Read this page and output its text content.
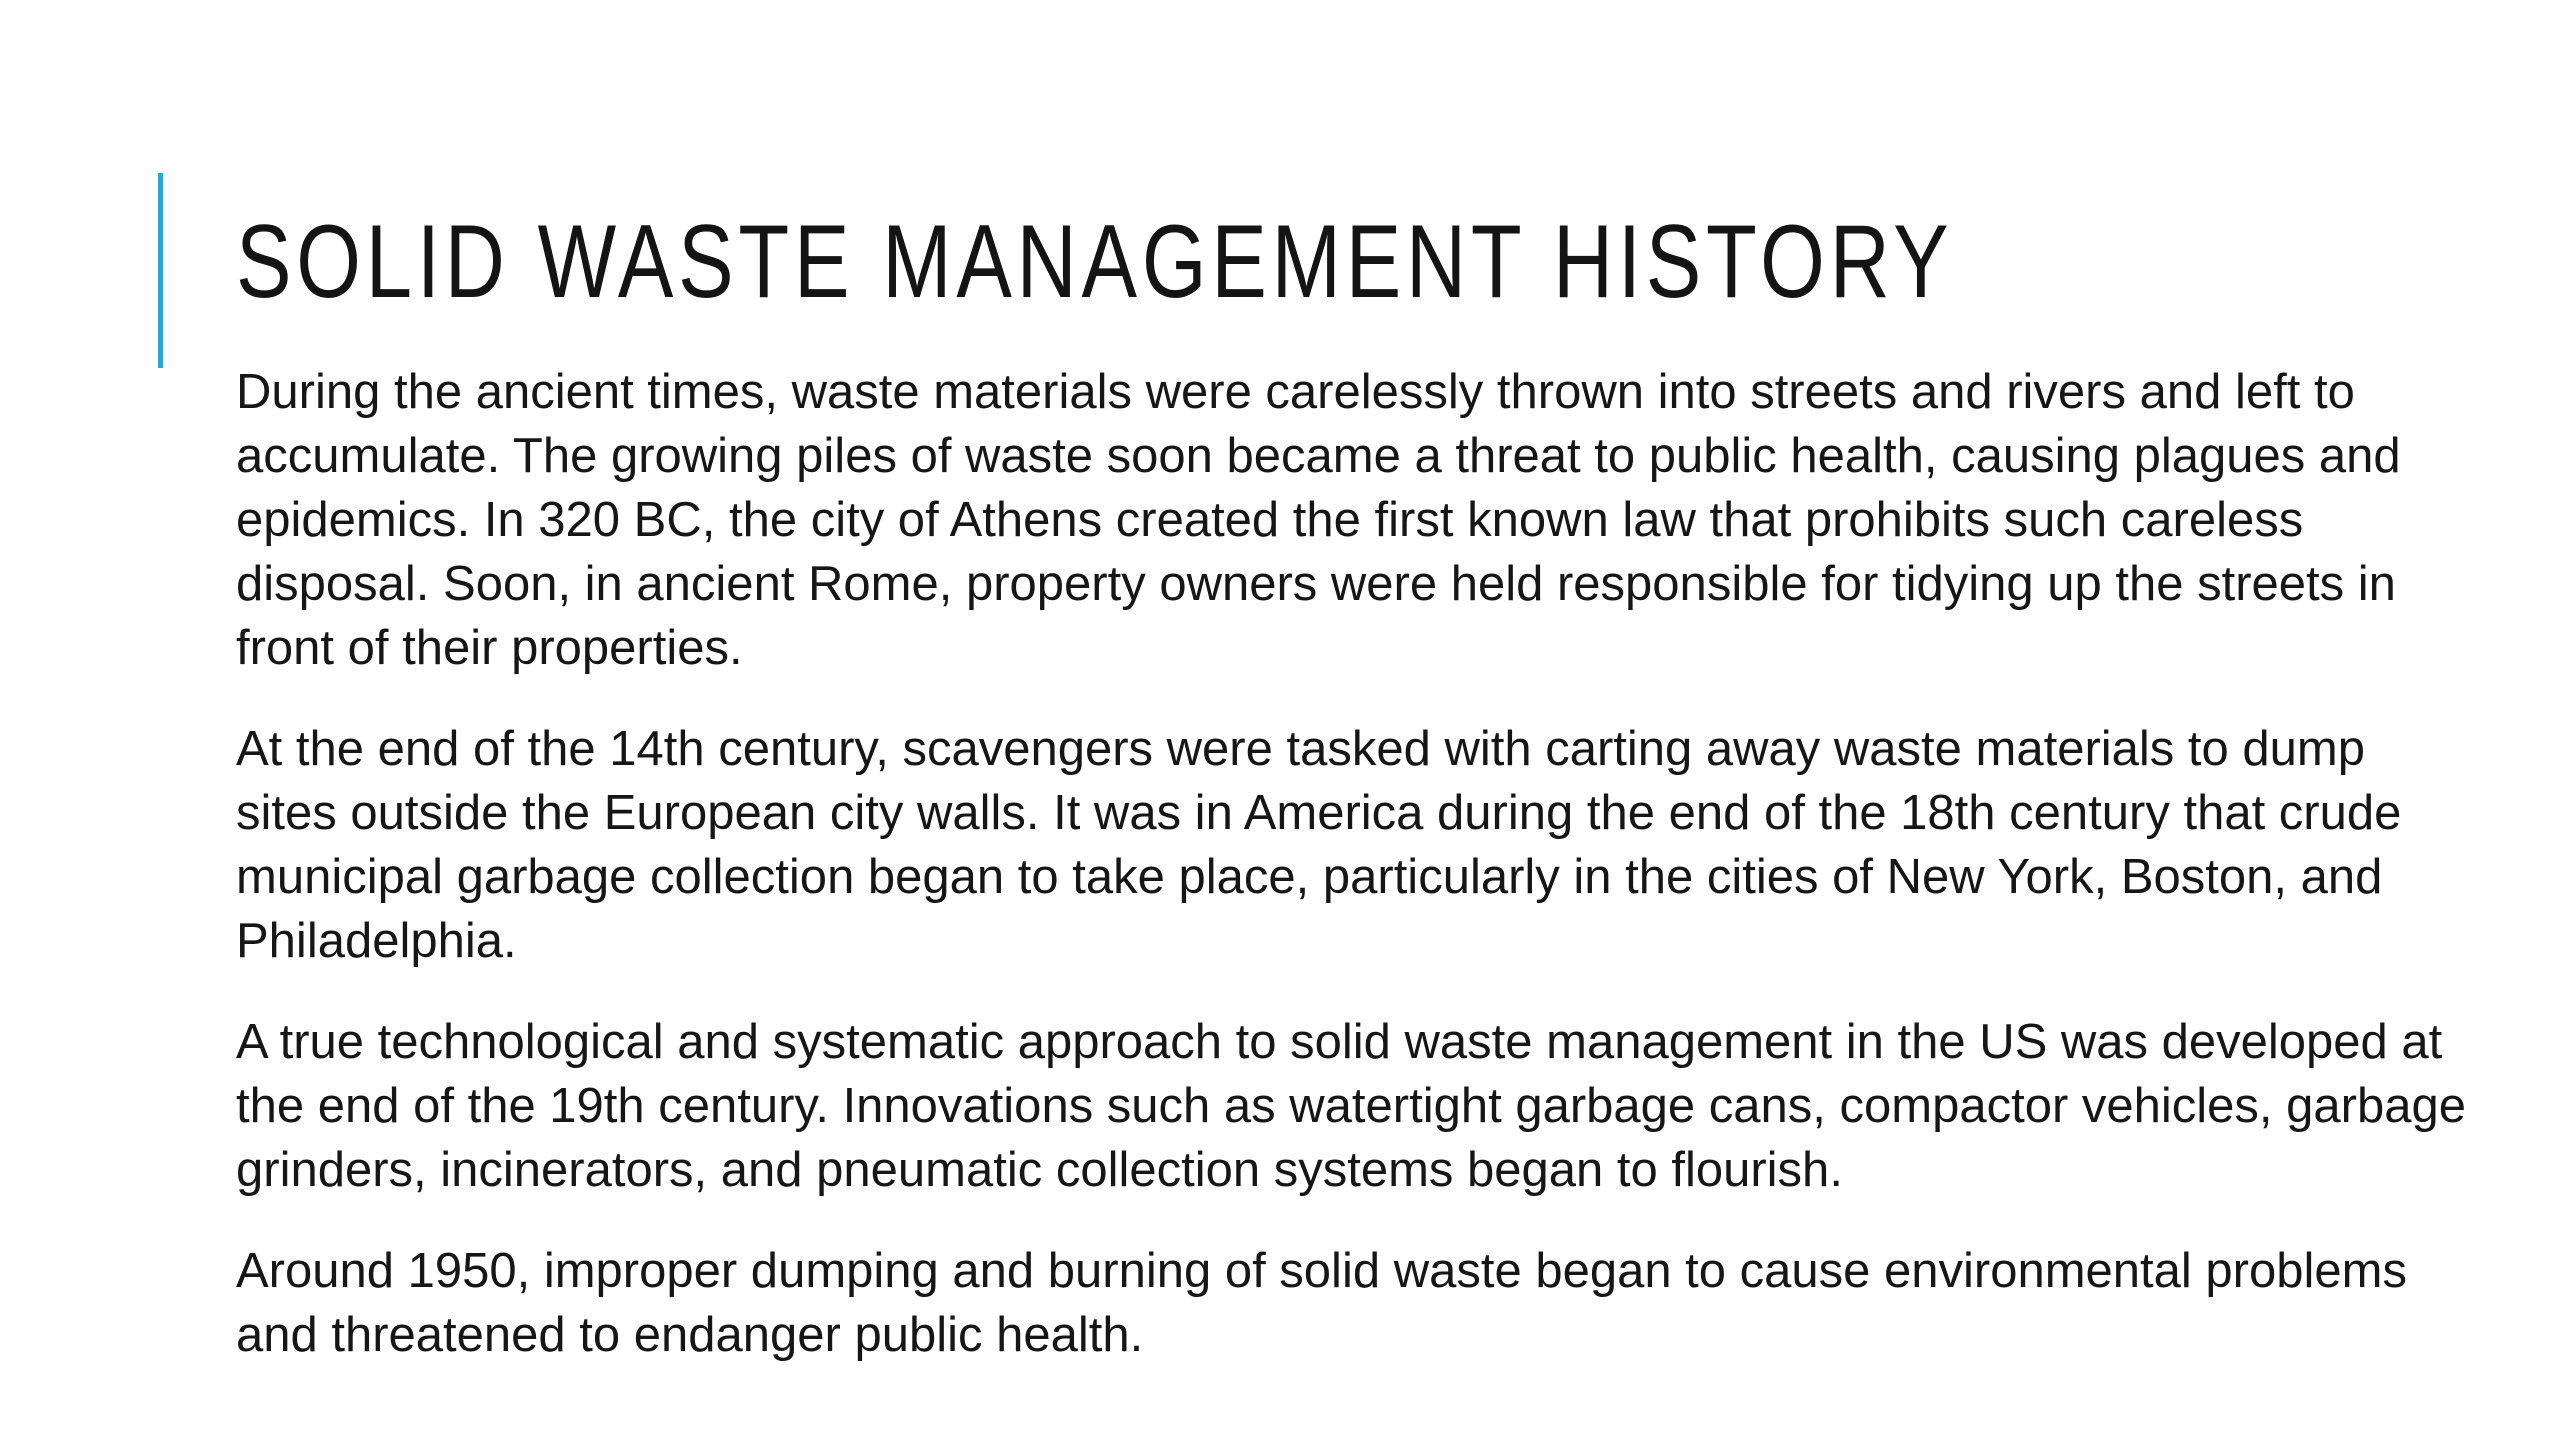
SOLID WASTE MANAGEMENT HISTORY

During the ancient times, waste materials were carelessly thrown into streets and rivers and left to accumulate. The growing piles of waste soon became a threat to public health, causing plagues and epidemics. In 320 BC, the city of Athens created the first known law that prohibits such careless disposal. Soon, in ancient Rome, property owners were held responsible for tidying up the streets in front of their properties.

At the end of the 14th century, scavengers were tasked with carting away waste materials to dump sites outside the European city walls. It was in America during the end of the 18th century that crude municipal garbage collection began to take place, particularly in the cities of New York, Boston, and Philadelphia.

A true technological and systematic approach to solid waste management in the US was developed at the end of the 19th century. Innovations such as watertight garbage cans, compactor vehicles, garbage grinders, incinerators, and pneumatic collection systems began to flourish.

Around 1950, improper dumping and burning of solid waste began to cause environmental problems and threatened to endanger public health.
